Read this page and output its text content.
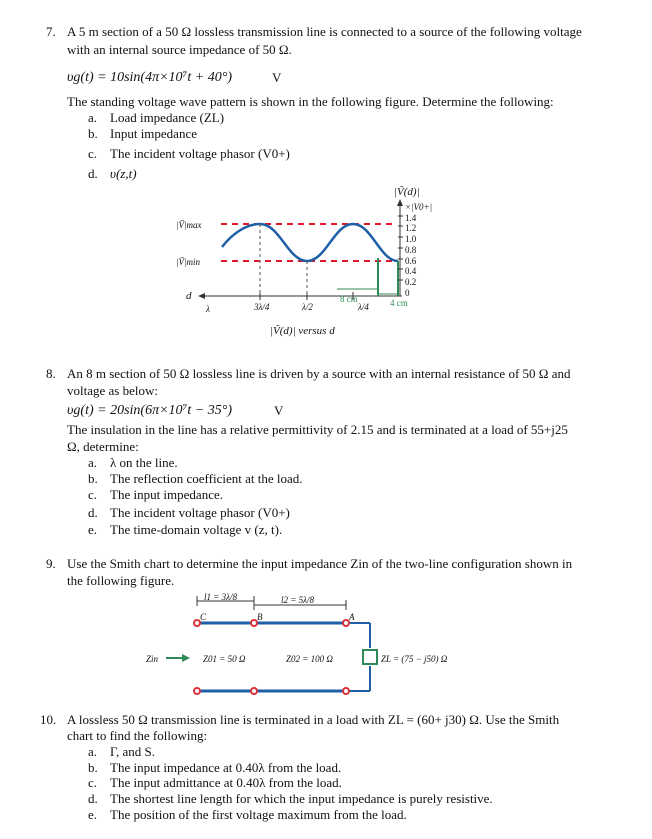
7. A 5 m section of a 50 Ω lossless transmission line is connected to a source of the following voltage
with an internal source impedance of 50 Ω.
υg(t) = 10sin(4π×10⁷t + 40°)	V
The standing voltage wave pattern is shown in the following figure. Determine the following:
a. Load impedance (ZL)
b. Input impedance
c. The incident voltage phasor (V0+)
d. υ(z,t)
|Ṽ|max
|Ṽ|min
d
λ	3λ/4	λ/2	λ/4
8 cm	4 cm
|Ṽ(d)| versus d
|Ṽ(d)|
×|V0+|
1.4
1.2
1.0
0.8
0.6
0.4
0.2
0
8. An 8 m section of 50 Ω lossless line is driven by a source with an internal resistance of 50 Ω and
voltage as below:
υg(t) = 20sin(6π×10⁷t − 35°)	V
The insulation in the line has a relative permittivity of 2.15 and is terminated at a load of 55+j25
Ω, determine:
a. λ on the line.
b. The reflection coefficient at the load.
c. The input impedance.
d. The incident voltage phasor (V0+)
e. The time-domain voltage v (z, t).
9. Use the Smith chart to determine the input impedance Zin of the two-line configuration shown in
the following figure.
l1 = 3λ/8	l2 = 5λ/8
C	B	A
Zin	Z01 = 50 Ω	Z02 = 100 Ω	ZL = (75 − j50) Ω
10. A lossless 50 Ω transmission line is terminated in a load with ZL = (60+ j30) Ω. Use the Smith
chart to find the following:
a. Γ, and S.
b. The input impedance at 0.40λ from the load.
c. The input admittance at 0.40λ from the load.
d. The shortest line length for which the input impedance is purely resistive.
e. The position of the first voltage maximum from the load.
